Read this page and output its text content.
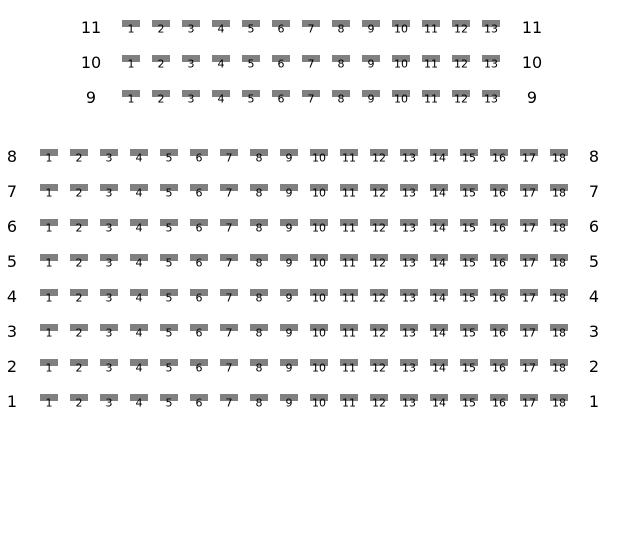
11	11
1 2 3 4 5 6 7 8 9 10 11 12 13
10	10
1 2 3 4 5 6 7 8 9 10 11 12 13
9	9
1 2 3 4 5 6 7 8 9 10 11 12 13
8	8
1 2 3 4 5 6 7 8 9 10 11 12 13 14 15 16 17 18
7	7
1 2 3 4 5 6 7 8 9 10 11 12 13 14 15 16 17 18
6	6
1 2 3 4 5 6 7 8 9 10 11 12 13 14 15 16 17 18
5	5
1 2 3 4 5 6 7 8 9 10 11 12 13 14 15 16 17 18
4	4
1 2 3 4 5 6 7 8 9 10 11 12 13 14 15 16 17 18
3	3
1 2 3 4 5 6 7 8 9 10 11 12 13 14 15 16 17 18
2	2
1 2 3 4 5 6 7 8 9 10 11 12 13 14 15 16 17 18
1	1
1 2 3 4 5 6 7 8 9 10 11 12 13 14 15 16 17 18
